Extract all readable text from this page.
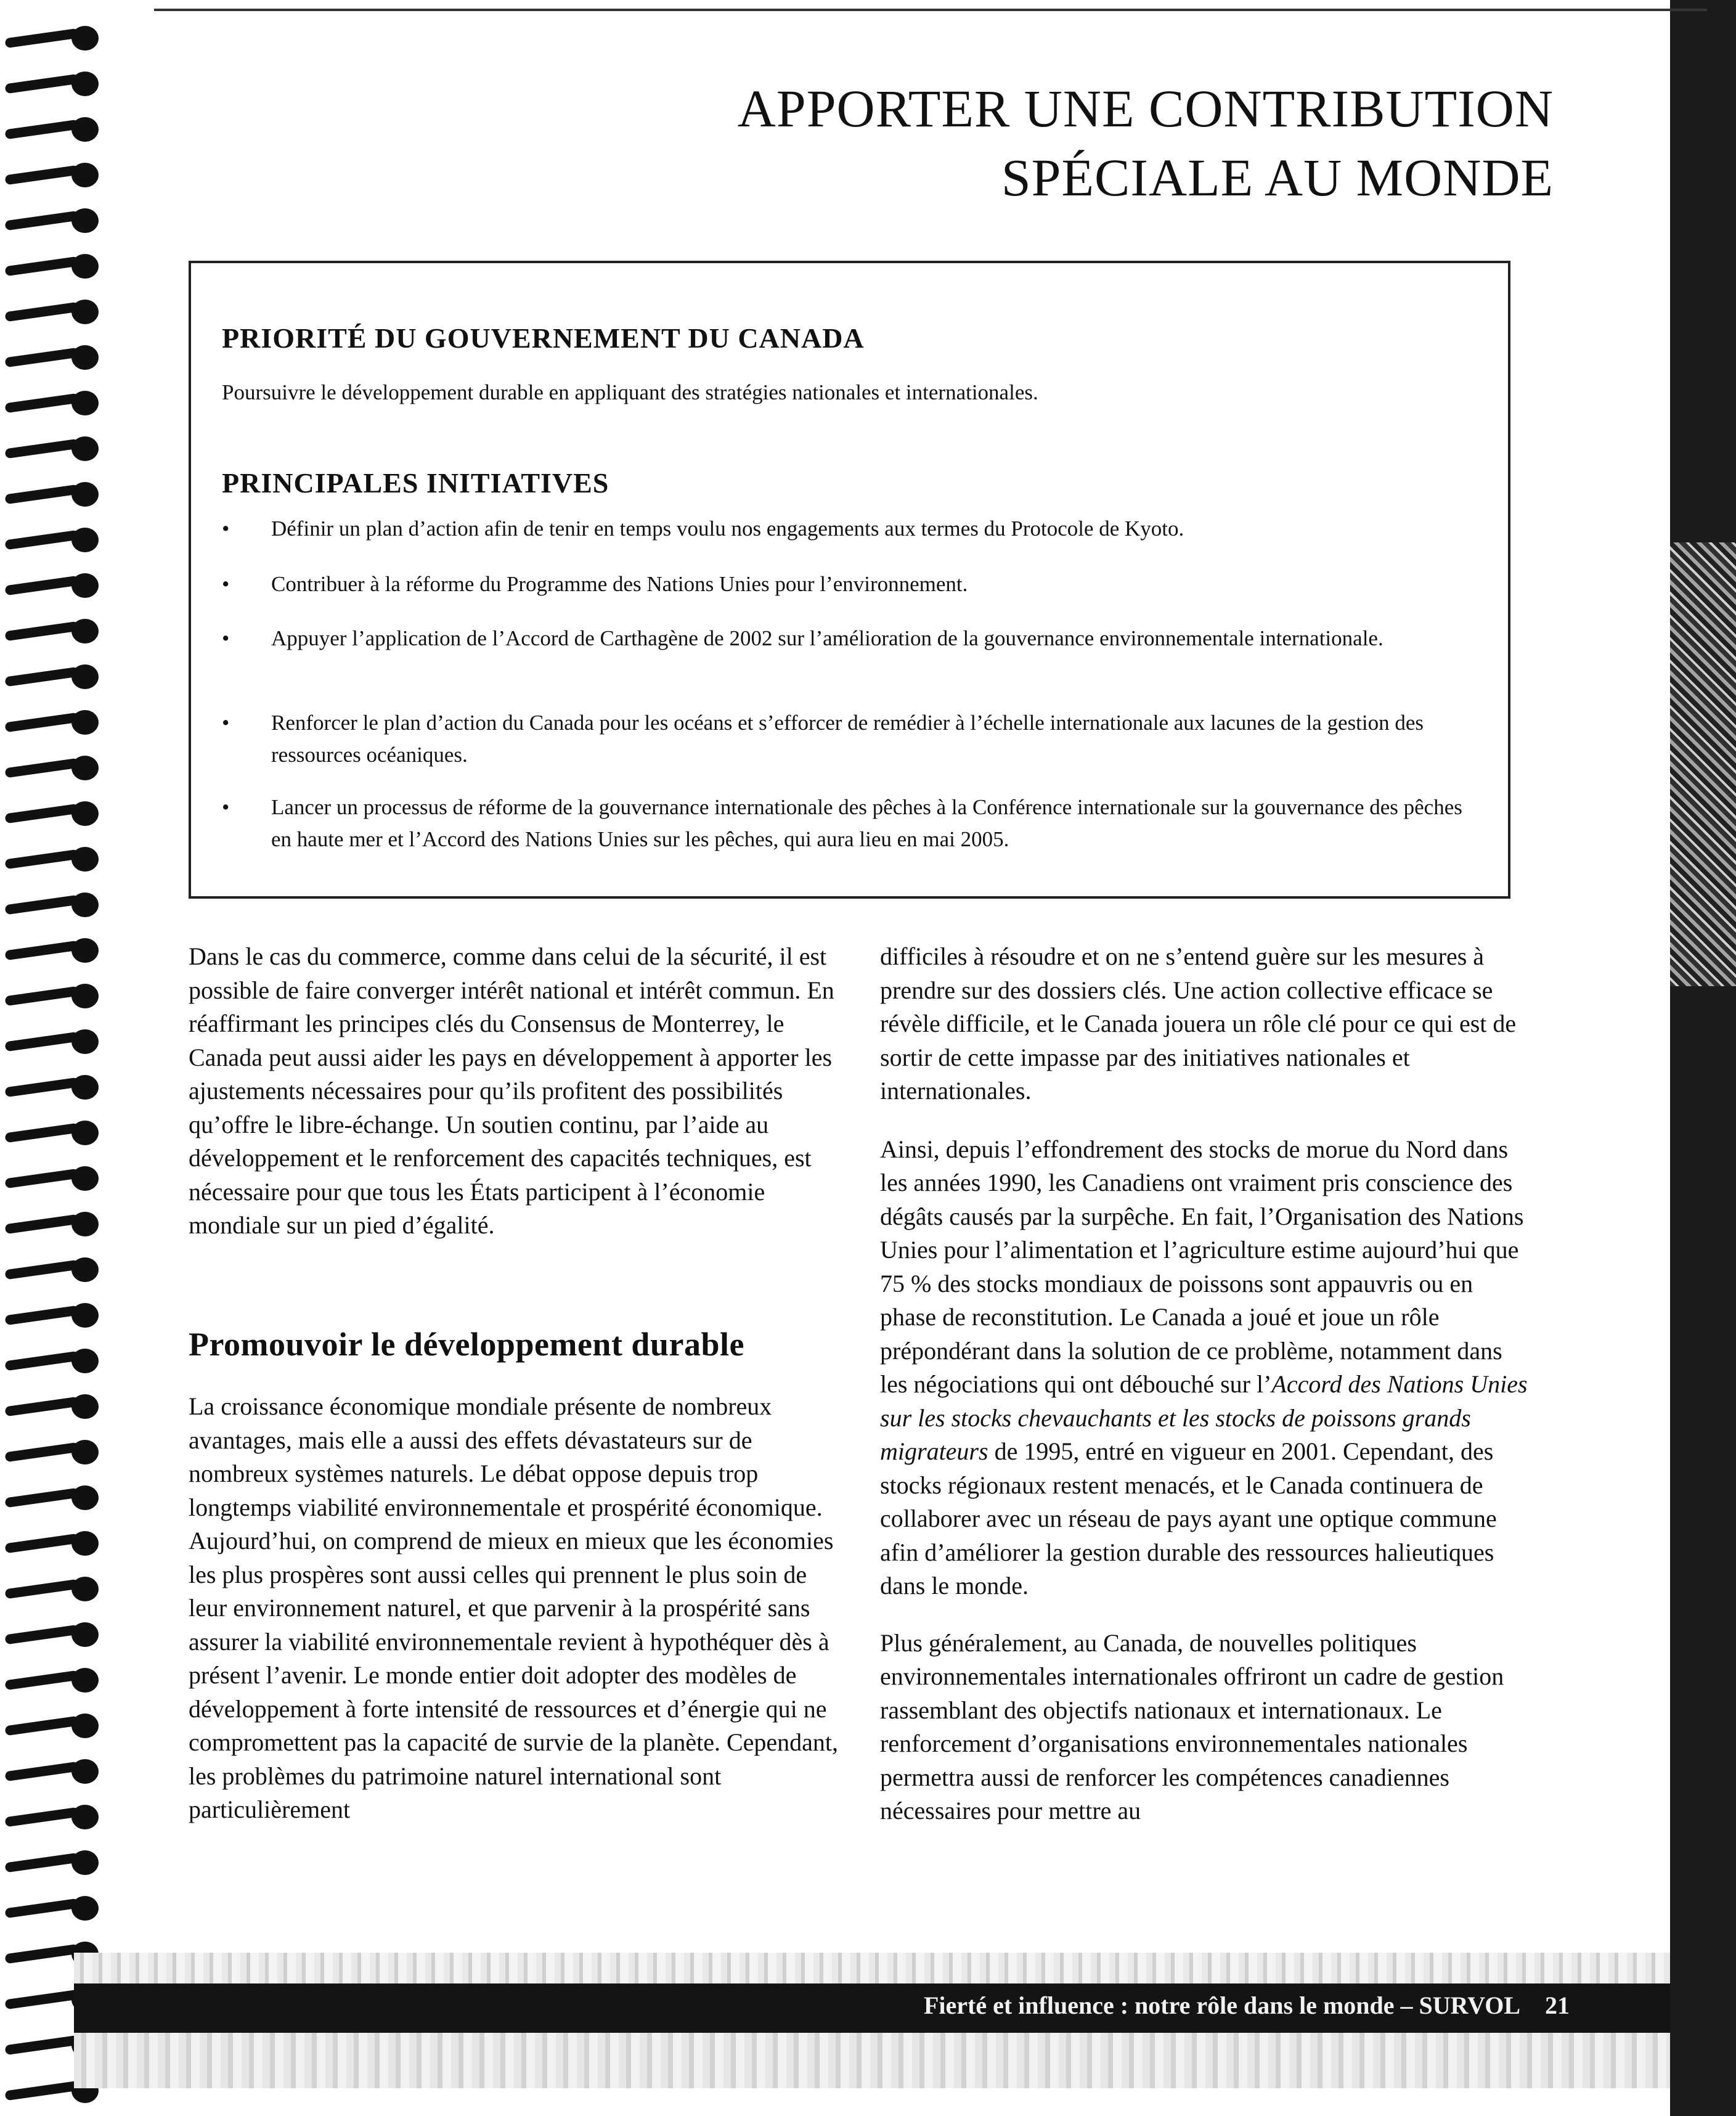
APPORTER UNE CONTRIBUTION
SPÉCIALE AU MONDE
PRIORITÉ DU GOUVERNEMENT DU CANADA
Poursuivre le développement durable en appliquant des stratégies nationales et internationales.
PRINCIPALES INITIATIVES
• Définir un plan d’action afin de tenir en temps voulu nos engagements aux termes du Protocole de Kyoto.
• Contribuer à la réforme du Programme des Nations Unies pour l’environnement.
• Appuyer l’application de l’Accord de Carthagène de 2002 sur l’amélioration de la gouvernance environnementale internationale.
• Renforcer le plan d’action du Canada pour les océans et s’efforcer de remédier à l’échelle internationale aux lacunes de la gestion des ressources océaniques.
• Lancer un processus de réforme de la gouvernance internationale des pêches à la Conférence internationale sur la gouvernance des pêches en haute mer et l’Accord des Nations Unies sur les pêches, qui aura lieu en mai 2005.

Dans le cas du commerce, comme dans celui de la sécurité, il est possible de faire converger intérêt national et intérêt commun. En réaffirmant les principes clés du Consensus de Monterrey, le Canada peut aussi aider les pays en développement à apporter les ajustements nécessaires pour qu’ils profitent des possibilités qu’offre le libre-échange. Un soutien continu, par l’aide au développement et le renforcement des capacités techniques, est nécessaire pour que tous les États participent à l’économie mondiale sur un pied d’égalité.

Promouvoir le développement durable

La croissance économique mondiale présente de nombreux avantages, mais elle a aussi des effets dévastateurs sur de nombreux systèmes naturels. Le débat oppose depuis trop longtemps viabilité environnementale et prospérité économique. Aujourd’hui, on comprend de mieux en mieux que les économies les plus prospères sont aussi celles qui prennent le plus soin de leur environnement naturel, et que parvenir à la prospérité sans assurer la viabilité environnementale revient à hypothéquer dès à présent l’avenir. Le monde entier doit adopter des modèles de développement à forte intensité de ressources et d’énergie qui ne compromettent pas la capacité de survie de la planète. Cependant, les problèmes du patrimoine naturel international sont particulièrement

difficiles à résoudre et on ne s’entend guère sur les mesures à prendre sur des dossiers clés. Une action collective efficace se révèle difficile, et le Canada jouera un rôle clé pour ce qui est de sortir de cette impasse par des initiatives nationales et internationales.

Ainsi, depuis l’effondrement des stocks de morue du Nord dans les années 1990, les Canadiens ont vraiment pris conscience des dégâts causés par la surpêche. En fait, l’Organisation des Nations Unies pour l’alimentation et l’agriculture estime aujourd’hui que 75 % des stocks mondiaux de poissons sont appauvris ou en phase de reconstitution. Le Canada a joué et joue un rôle prépondérant dans la solution de ce problème, notamment dans les négociations qui ont débouché sur l’Accord des Nations Unies sur les stocks chevauchants et les stocks de poissons grands migrateurs de 1995, entré en vigueur en 2001. Cependant, des stocks régionaux restent menacés, et le Canada continuera de collaborer avec un réseau de pays ayant une optique commune afin d’améliorer la gestion durable des ressources halieutiques dans le monde.

Plus généralement, au Canada, de nouvelles politiques environnementales internationales offriront un cadre de gestion rassemblant des objectifs nationaux et internationaux. Le renforcement d’organisations environnementales nationales permettra aussi de renforcer les compétences canadiennes nécessaires pour mettre au

Fierté et influence : notre rôle dans le monde – SURVOL 21
